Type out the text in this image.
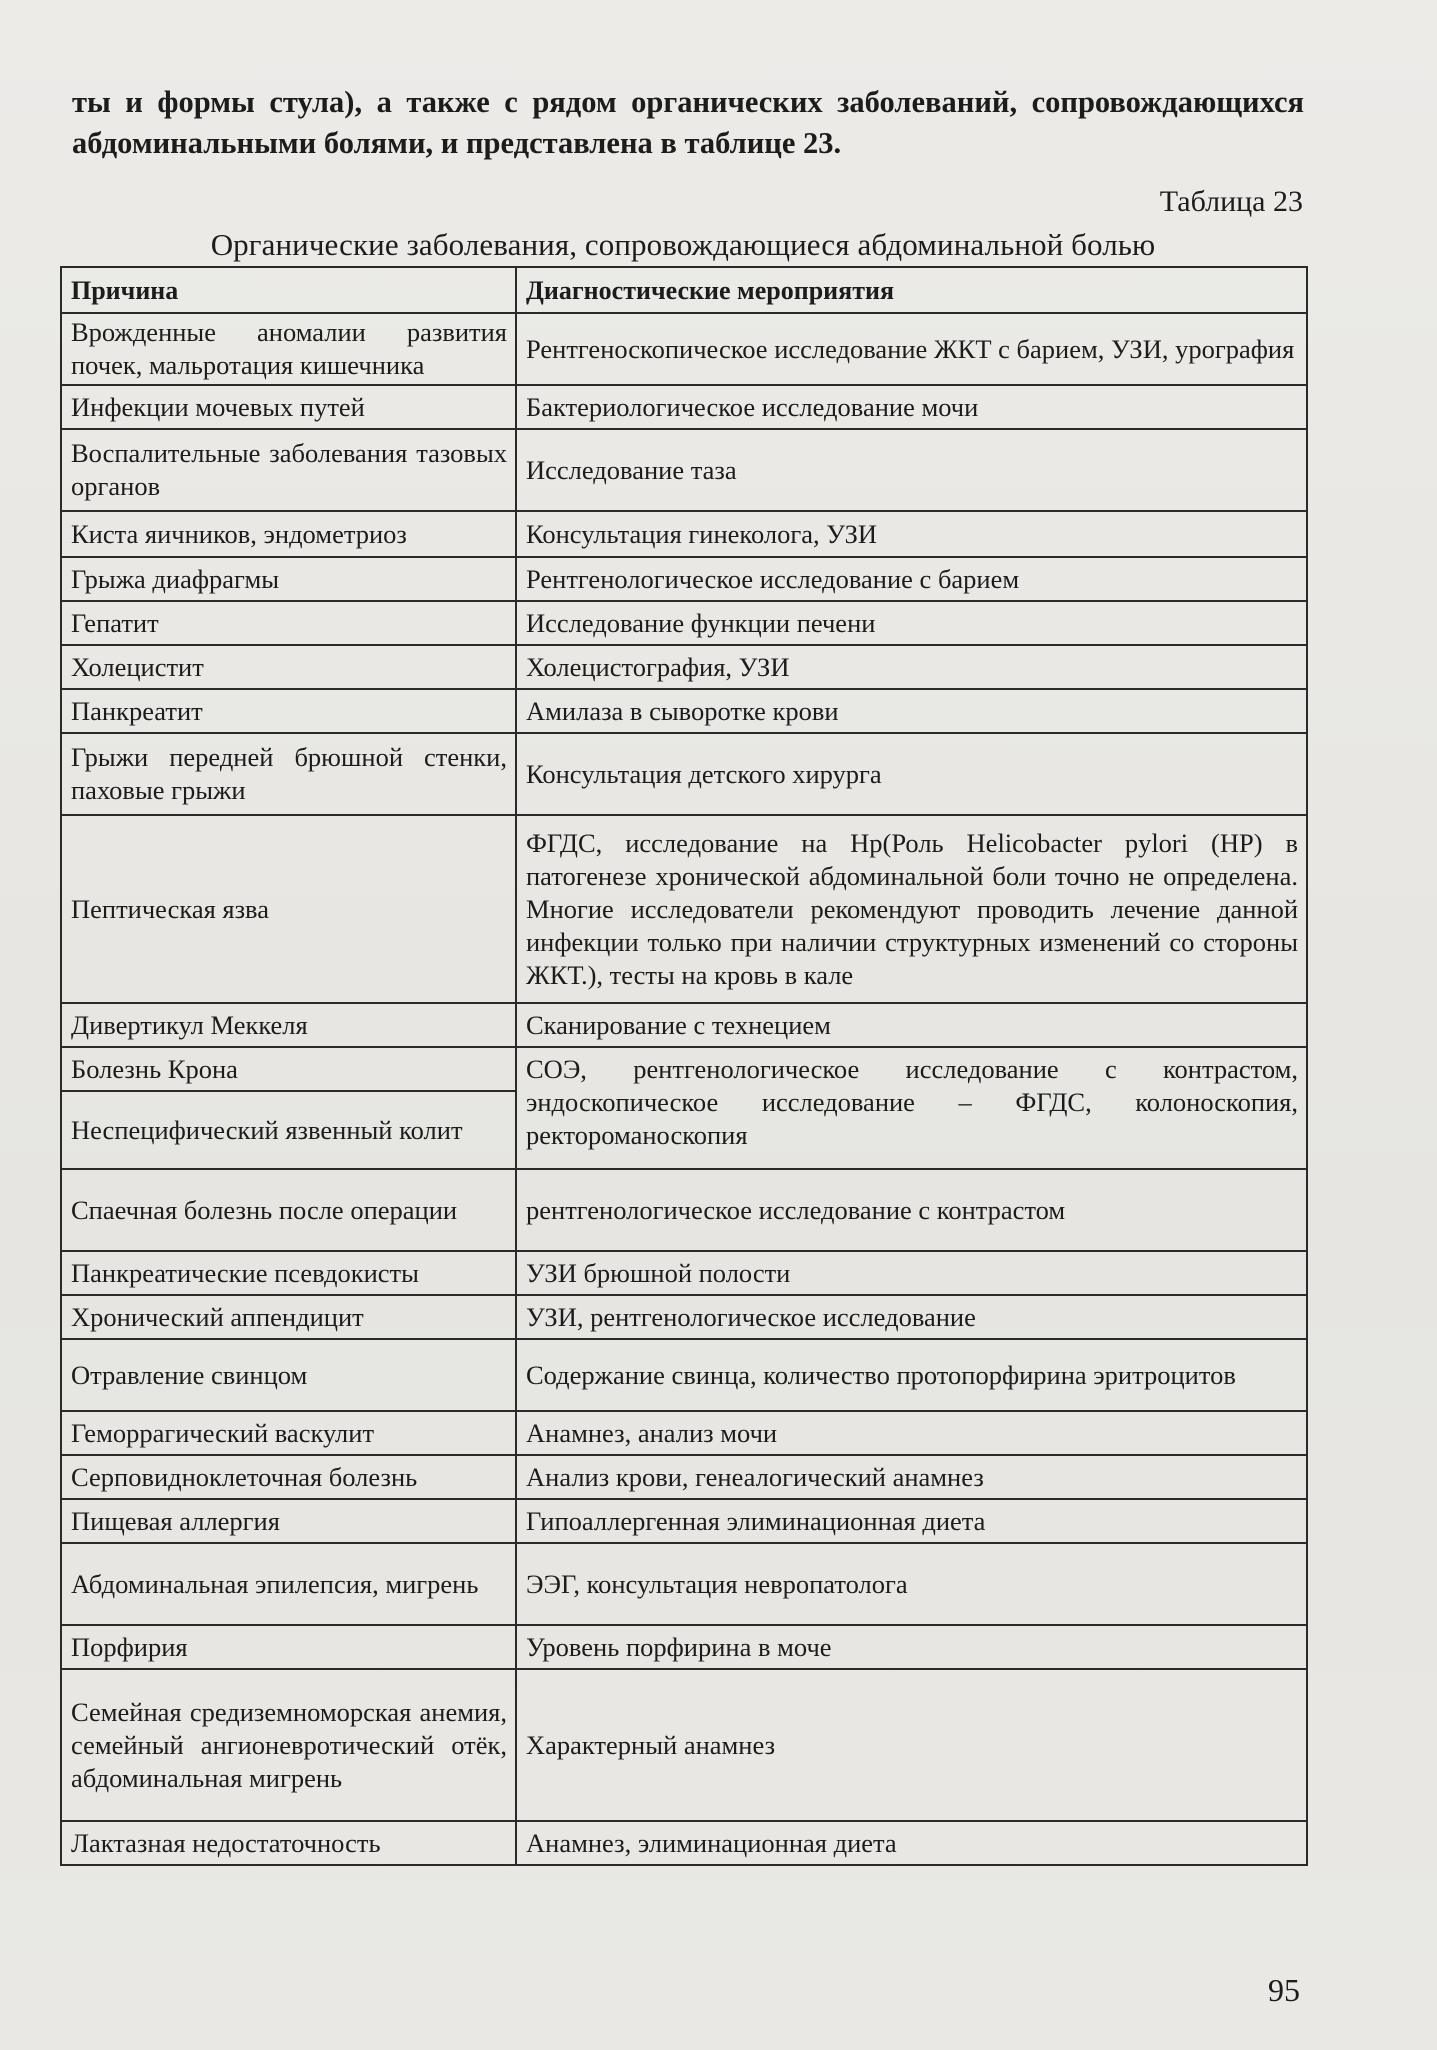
ты и формы стула), а также с рядом органических заболеваний, сопровождающихся абдоминальными болями, и представлена в таблице 23.
Таблица 23
Органические заболевания, сопровождающиеся абдоминальной болью
Причина	Диагностические мероприятия
Врожденные аномалии развития почек, мальротация кишечника	Рентгеноскопическое исследование ЖКТ с барием, УЗИ, урография
Инфекции мочевых путей	Бактериологическое исследование мочи
Воспалительные заболевания тазовых органов	Исследование таза
Киста яичников, эндометриоз	Консультация гинеколога, УЗИ
Грыжа диафрагмы	Рентгенологическое исследование с барием
Гепатит	Исследование функции печени
Холецистит	Холецистография, УЗИ
Панкреатит	Амилаза в сыворотке крови
Грыжи передней брюшной стенки, паховые грыжи	Консультация детского хирурга
Пептическая язва	ФГДС, исследование на Hp(Роль Helicobacter pylori (HP) в патогенезе хронической абдоминальной боли точно не определена. Многие исследователи рекомендуют проводить лечение данной инфекции только при наличии структурных изменений со стороны ЖКТ.), тесты на кровь в кале
Дивертикул Меккеля	Сканирование с технецием
Болезнь Крона	СОЭ, рентгенологическое исследование с контрастом, эндоскопическое исследование – ФГДС, колоноскопия, ректороманоскопия
Неспецифический язвенный колит	
Спаечная болезнь после операции	рентгенологическое исследование с контрастом
Панкреатические псевдокисты	УЗИ брюшной полости
Хронический аппендицит	УЗИ, рентгенологическое исследование
Отравление свинцом	Содержание свинца, количество протопорфирина эритроцитов
Геморрагический васкулит	Анамнез, анализ мочи
Серповидноклеточная болезнь	Анализ крови, генеалогический анамнез
Пищевая аллергия	Гипоаллергенная элиминационная диета
Абдоминальная эпилепсия, мигрень	ЭЭГ, консультация невропатолога
Порфирия	Уровень порфирина в моче
Семейная средиземноморская анемия, семейный ангионевротический отёк, абдоминальная мигрень	Характерный анамнез
Лактазная недостаточность	Анамнез, элиминационная диета
95
